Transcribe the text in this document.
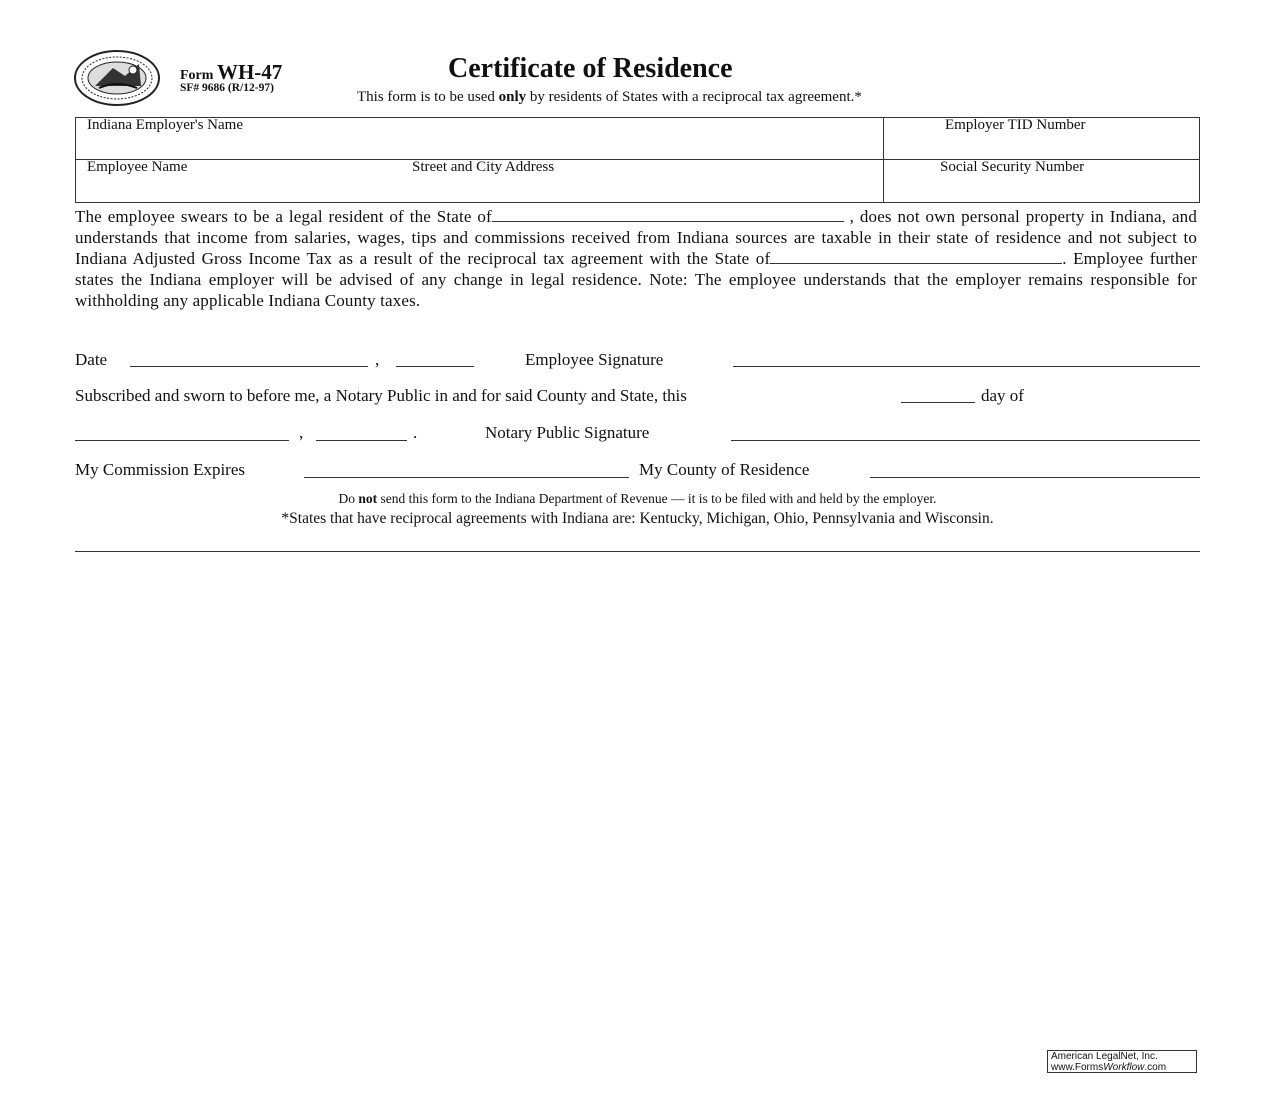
Form WH-47
SF# 9686 (R/12-97)
Certificate of Residence
This form is to be used only by residents of States with a reciprocal tax agreement.*
Indiana Employer's Name	Employer TID Number
Employee Name	Street and City Address	Social Security Number
The employee swears to be a legal resident of the State of	, does not own personal property in Indiana, and understands that income from salaries, wages, tips and commissions received from Indiana sources are taxable in their state of residence and not subject to Indiana Adjusted Gross Income Tax as a result of the reciprocal tax agreement with the State of	. Employee further states the Indiana employer will be advised of any change in legal residence. Note: The employee understands that the employer remains responsible for withholding any applicable Indiana County taxes.
Date	,	Employee Signature
Subscribed and sworn to before me, a Notary Public in and for said County and State, this	day of
,	.	Notary Public Signature
My Commission Expires	My County of Residence
Do not send this form to the Indiana Department of Revenue — it is to be filed with and held by the employer.
*States that have reciprocal agreements with Indiana are: Kentucky, Michigan, Ohio, Pennsylvania and Wisconsin.
American LegalNet, Inc.
www.FormsWorkflow.com
